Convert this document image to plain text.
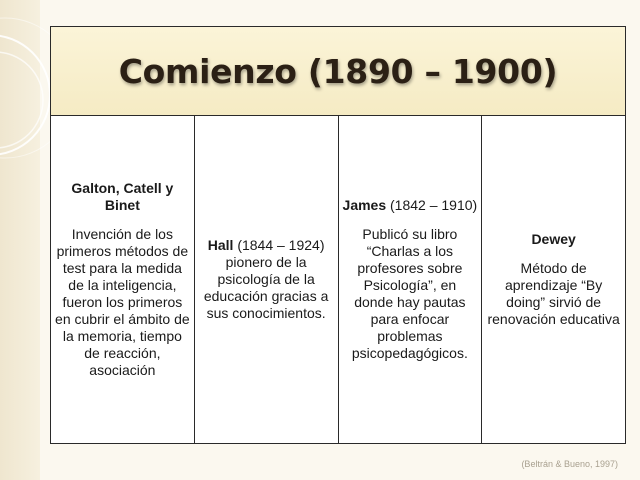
Comienzo (1890 – 1900)
Galton, Catell y Binet

Invención de los primeros métodos de test para la medida de la inteligencia, fueron los primeros en cubrir el ámbito de la memoria, tiempo de reacción, asociación

Hall (1844 – 1924) pionero de la psicología de la educación gracias a sus conocimientos.

James (1842 – 1910)

Publicó su libro “Charlas a los profesores sobre Psicología”, en donde hay pautas para enfocar problemas psicopedagógicos.

Dewey

Método de aprendizaje “By doing” sirvió de renovación educativa

(Beltrán & Bueno, 1997)
